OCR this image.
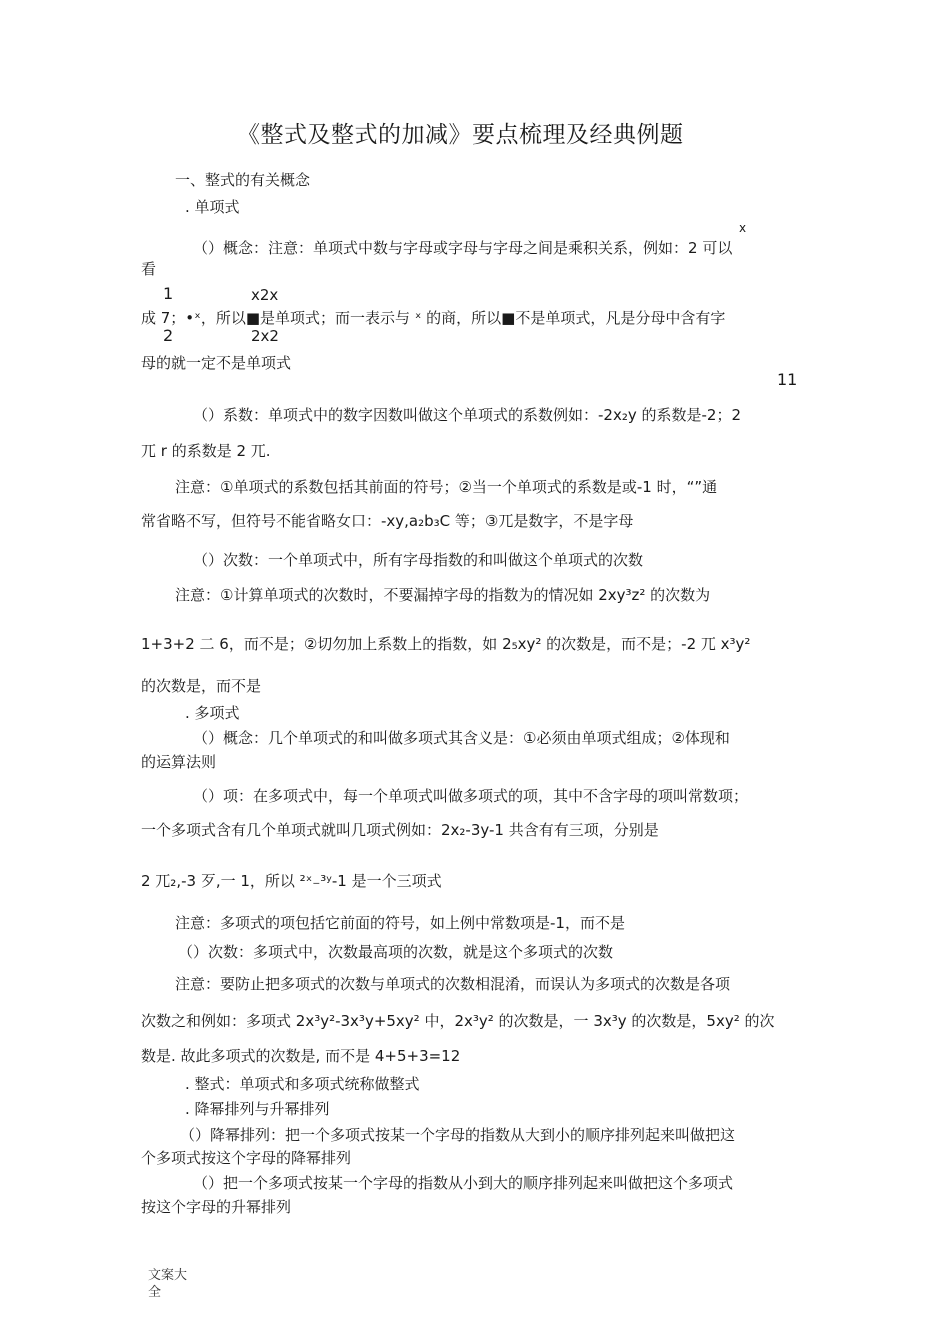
《整式及整式的加减》要点梳理及经典例题
一、整式的有关概念
. 单项式
x
（）概念：注意：单项式中数与字母或字母与字母之间是乘积关系，例如：2 可以
看
1	x2x
成 7；•ˣ，所以■是单项式；而一表示与 ˣ 的商，所以■不是单项式，凡是分母中含有字
2	2x2
母的就一定不是单项式
11
（）系数：单项式中的数字因数叫做这个单项式的系数例如：-2x₂y 的系数是-2；2
兀 r 的系数是 2 兀.
注意：①单项式的系数包括其前面的符号；②当一个单项式的系数是或-1 时，“”通
常省略不写，但符号不能省略女口：-xy,a₂b₃C 等；③兀是数字，不是字母
（）次数：一个单项式中，所有字母指数的和叫做这个单项式的次数
注意：①计算单项式的次数时，不要漏掉字母的指数为的情况如 2xy³z² 的次数为
1+3+2 二 6，而不是；②切勿加上系数上的指数，如 2₅xy² 的次数是，而不是；-2 兀 x³y²
的次数是，而不是
. 多项式
（）概念：几个单项式的和叫做多项式其含义是：①必须由单项式组成；②体现和
的运算法则
（）项：在多项式中，每一个单项式叫做多项式的项，其中不含字母的项叫常数项；
一个多项式含有几个单项式就叫几项式例如：2x₂-3y-1 共含有有三项，分别是
2 兀₂,-3 歹,一 1，所以 ²ˣ₋³ʸ-1 是一个三项式
注意：多项式的项包括它前面的符号，如上例中常数项是-1，而不是
（）次数：多项式中，次数最高项的次数，就是这个多项式的次数
注意：要防止把多项式的次数与单项式的次数相混淆，而误认为多项式的次数是各项
次数之和例如：多项式 2x³y²-3x³y+5xy² 中，2x³y² 的次数是，一 3x³y 的次数是，5xy² 的次
数是. 故此多项式的次数是, 而不是 4+5+3=12
. 整式：单项式和多项式统称做整式
. 降幂排列与升幂排列
（）降幂排列：把一个多项式按某一个字母的指数从大到小的顺序排列起来叫做把这
个多项式按这个字母的降幂排列
（）把一个多项式按某一个字母的指数从小到大的顺序排列起来叫做把这个多项式
按这个字母的升幂排列
文案大
全
